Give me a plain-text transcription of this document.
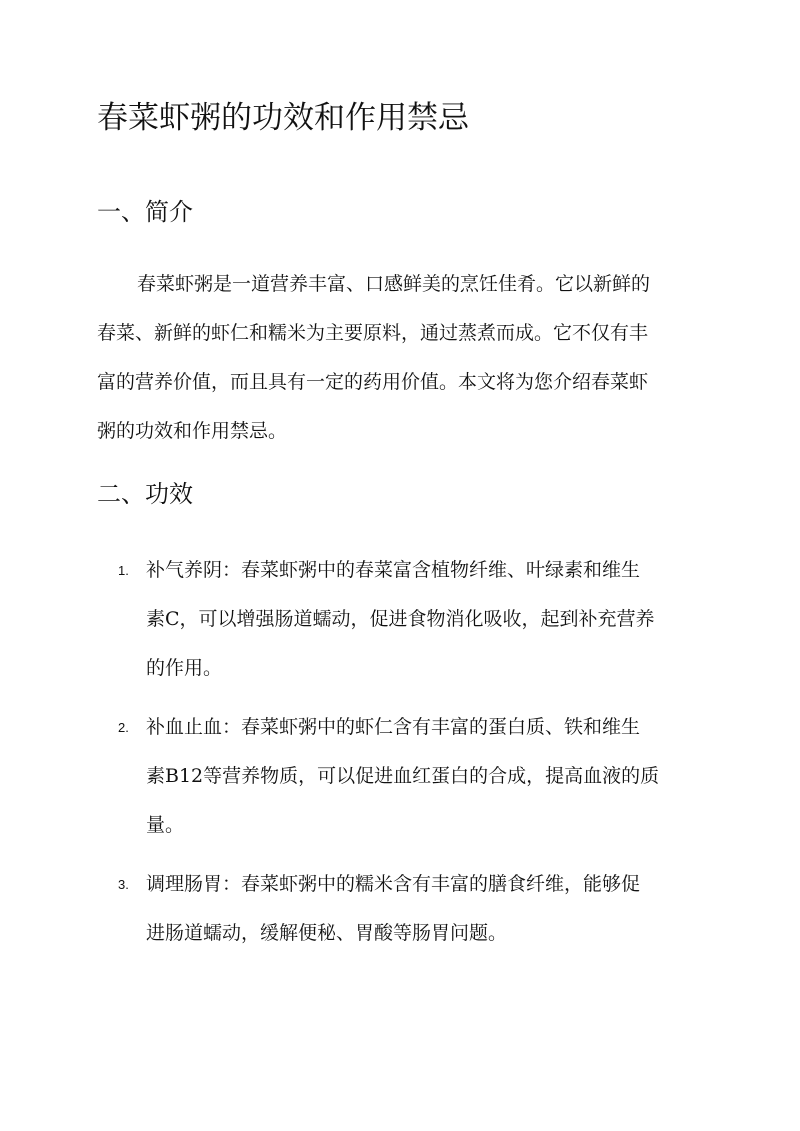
春菜虾粥的功效和作用禁忌
一、简介
春菜虾粥是一道营养丰富、口感鲜美的烹饪佳肴。它以新鲜的
春菜、新鲜的虾仁和糯米为主要原料，通过蒸煮而成。它不仅有丰
富的营养价值，而且具有一定的药用价值。本文将为您介绍春菜虾
粥的功效和作用禁忌。
二、功效
1. 补气养阴：春菜虾粥中的春菜富含植物纤维、叶绿素和维生
素C，可以增强肠道蠕动，促进食物消化吸收，起到补充营养
的作用。
2. 补血止血：春菜虾粥中的虾仁含有丰富的蛋白质、铁和维生
素B12等营养物质，可以促进血红蛋白的合成，提高血液的质
量。
3. 调理肠胃：春菜虾粥中的糯米含有丰富的膳食纤维，能够促
进肠道蠕动，缓解便秘、胃酸等肠胃问题。
